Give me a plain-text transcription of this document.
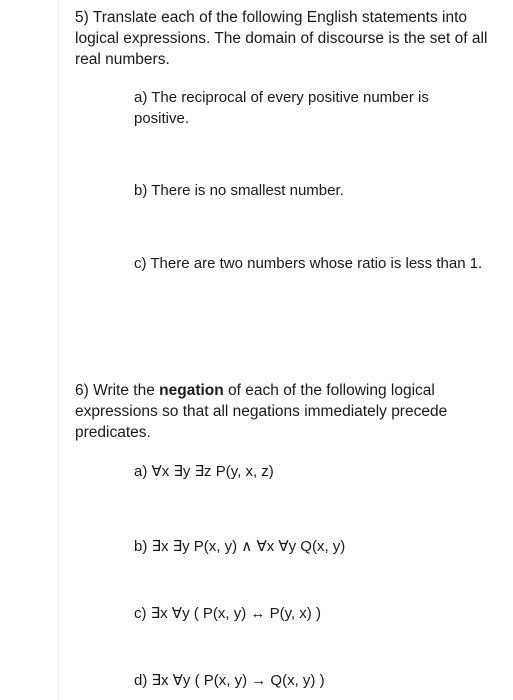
5) Translate each of the following English statements into logical expressions. The domain of discourse is the set of all real numbers.
a) The reciprocal of every positive number is positive.
b) There is no smallest number.
c) There are two numbers whose ratio is less than 1.
6) Write the negation of each of the following logical expressions so that all negations immediately precede predicates.
a) ∀x ∃y ∃z P(y, x, z)
b) ∃x ∃y P(x, y) ∧ ∀x ∀y Q(x, y)
c) ∃x ∀y ( P(x, y) ↔ P(y, x) )
d) ∃x ∀y ( P(x, y) → Q(x, y) )
